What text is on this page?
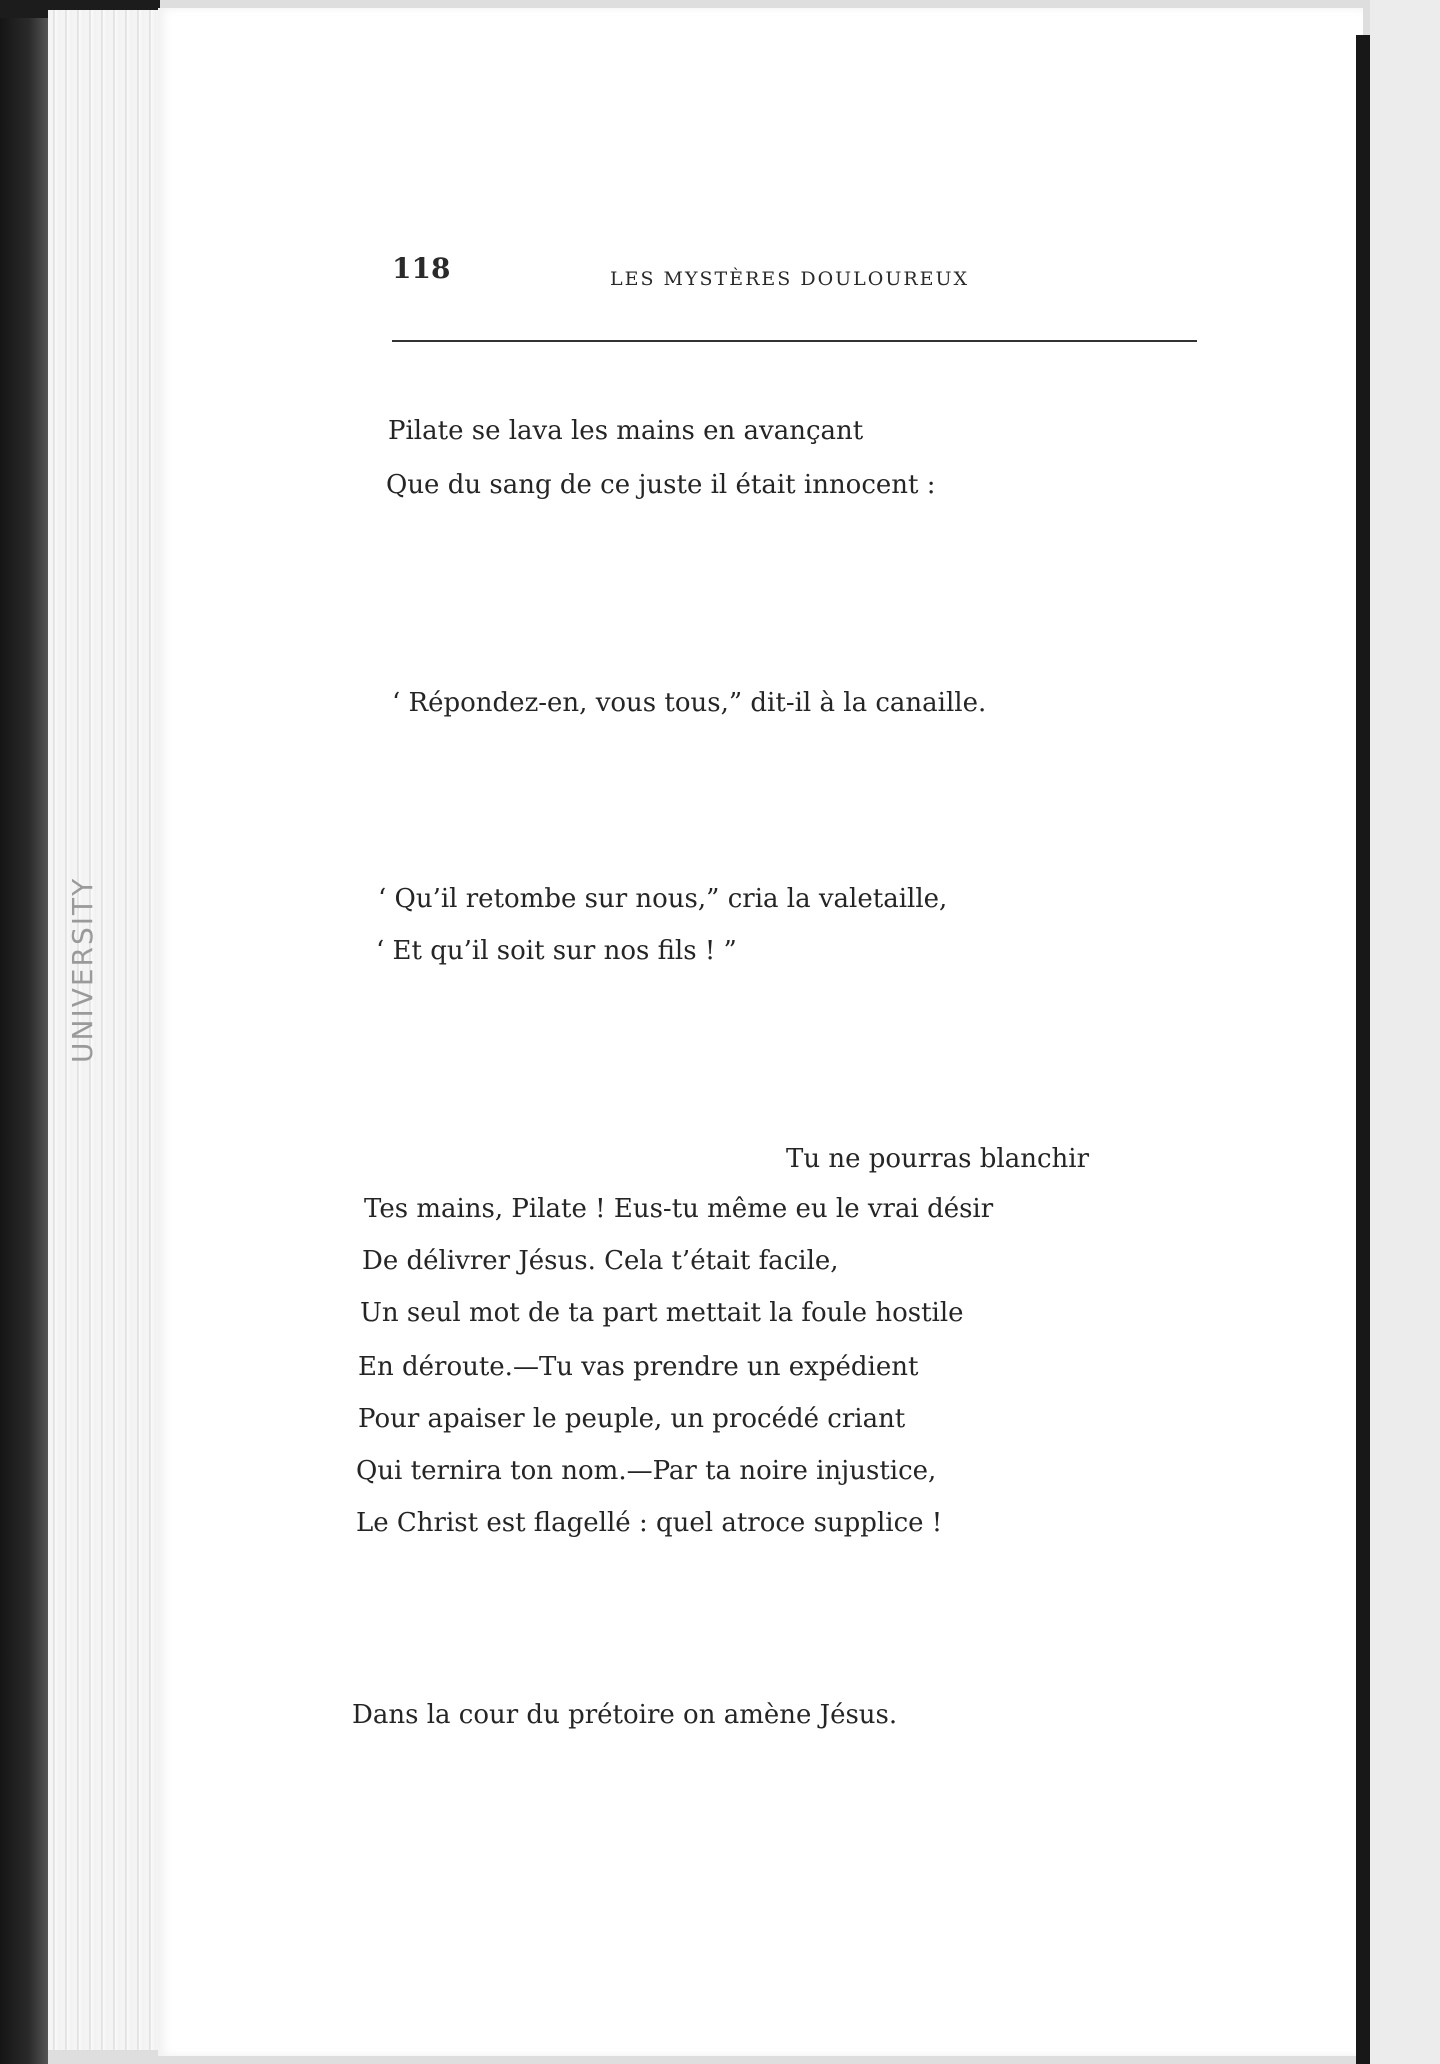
UNIVERSITY
118	LES MYSTÈRES DOULOUREUX
Pilate se lava les mains en avançant
Que du sang de ce juste il était innocent :
‘ Répondez-en, vous tous,” dit-il à la canaille.
‘ Qu’il retombe sur nous,” cria la valetaille,
‘ Et qu’il soit sur nos fils ! ”
Tu ne pourras blanchir
Tes mains, Pilate ! Eus-tu même eu le vrai désir
De délivrer Jésus. Cela t’était facile,
Un seul mot de ta part mettait la foule hostile
En déroute.—Tu vas prendre un expédient
Pour apaiser le peuple, un procédé criant
Qui ternira ton nom.—Par ta noire injustice,
Le Christ est flagellé : quel atroce supplice !
Dans la cour du prétoire on amène Jésus.
